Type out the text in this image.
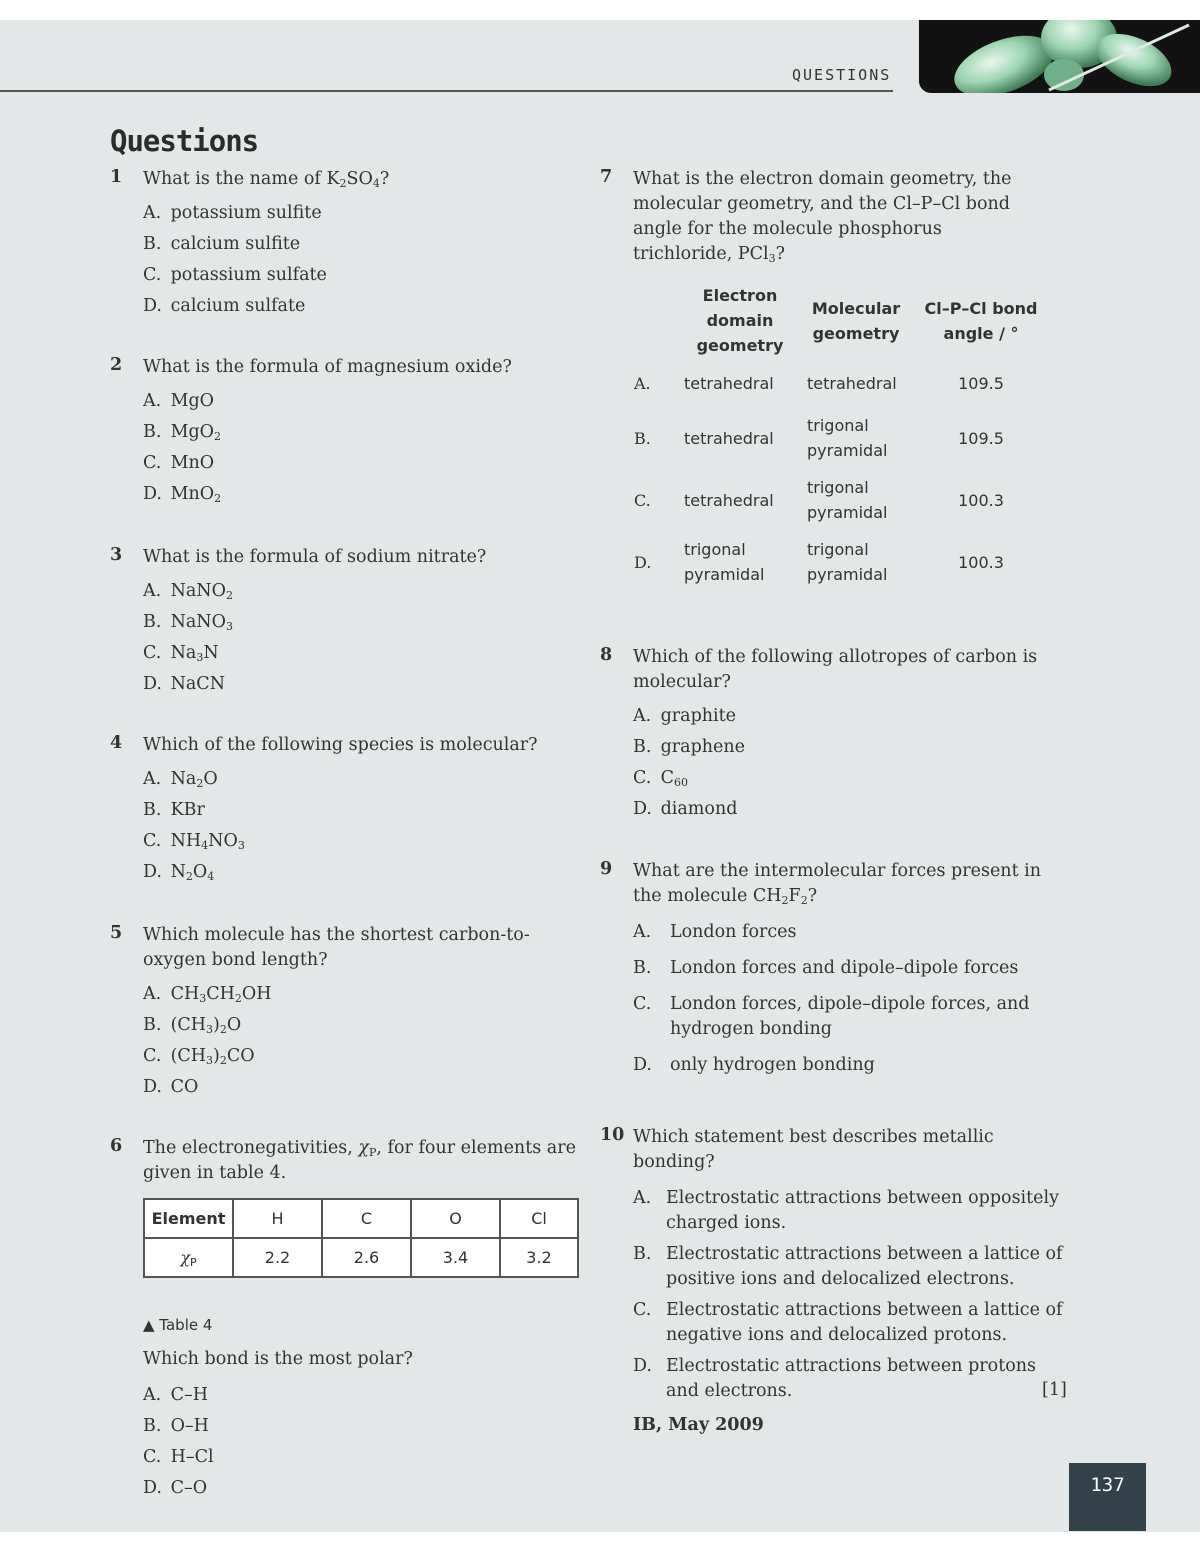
QUESTIONS
Questions
1 What is the name of $K_2SO_4$?
A. potassium sulfite
B. calcium sulfite
C. potassium sulfate
D. calcium sulfate
2 What is the formula of magnesium oxide?
A. MgO
B. MgO$_2$
C. MnO
D. MnO$_2$
3 What is the formula of sodium nitrate?
A. NaNO$_2$
B. NaNO$_3$
C. $Na_3N$
D. NaCN
4 Which of the following species is molecular?
A. $Na_2O$
B. KBr
C. $NH_4NO_3$
D. $N_2O_4$
5 Which molecule has the shortest carbon-to-oxygen bond length?
A. $CH_3CH_2OH$
B. $(CH_3)_2O$
C. $(CH_3)_2CO$
D. CO
6 The electronegativities, $\chi_P$, for four elements are given in table 4.
Element	H	C	O	Cl
$\chi_P$	2.2	2.6	3.4	3.2
▲ Table 4
Which bond is the most polar?
A. C–H
B. O–H
C. H–Cl
D. C–O
7 What is the electron domain geometry, the molecular geometry, and the Cl–P–Cl bond angle for the molecule phosphorus trichloride, PCl$_3$?
	Electron domain geometry	Molecular geometry	Cl–P–Cl bond angle / °
A.	tetrahedral	tetrahedral	109.5
B.	tetrahedral	trigonal pyramidal	109.5
C.	tetrahedral	trigonal pyramidal	100.3
D.	trigonal pyramidal	trigonal pyramidal	100.3
8 Which of the following allotropes of carbon is molecular?
A. graphite
B. graphene
C. $C_{60}$
D. diamond
9 What are the intermolecular forces present in the molecule $CH_2F_2$?
A.	London forces
B.	London forces and dipole–dipole forces
C.	London forces, dipole–dipole forces, and hydrogen bonding
D.	only hydrogen bonding
10 Which statement best describes metallic bonding?
A. Electrostatic attractions between oppositely charged ions.
B. Electrostatic attractions between a lattice of positive ions and delocalized electrons.
C. Electrostatic attractions between a lattice of negative ions and delocalized protons.
D. Electrostatic attractions between protons and electrons.	[1]
IB, May 2009
137
